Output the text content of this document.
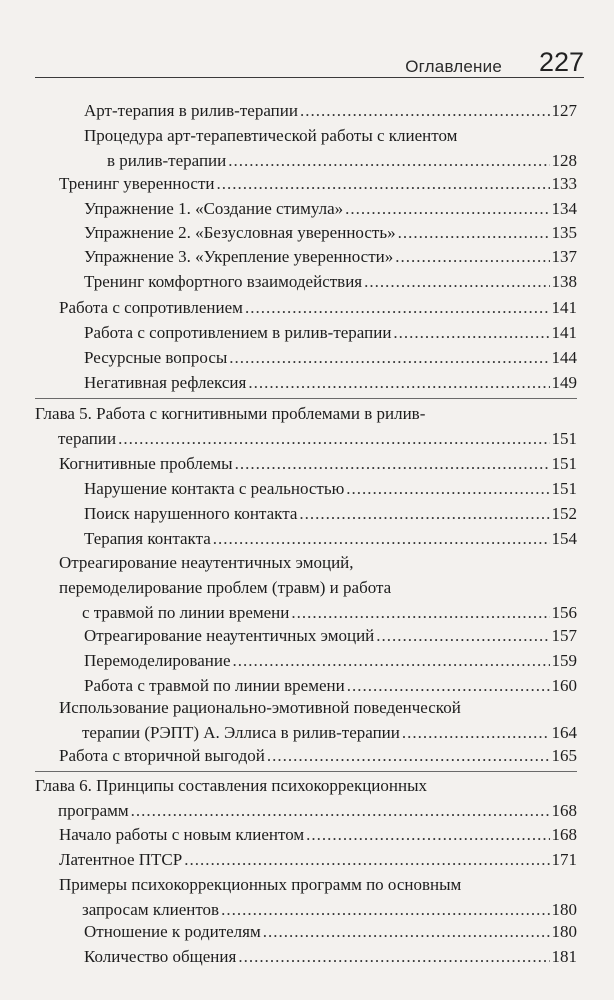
Оглавление 227
Арт-терапия в рилив-терапии .....	127
Процедура арт-терапевтической работы с клиентом
в рилив-терапии .....	128
Тренинг уверенности .....	133
Упражнение 1. «Создание стимула» .....	134
Упражнение 2. «Безусловная уверенность» .....	135
Упражнение 3. «Укрепление уверенности» .....	137
Тренинг комфортного взаимодействия .....	138
Работа с сопротивлением .....	141
Работа с сопротивлением в рилив-терапии .....	141
Ресурсные вопросы .....	144
Негативная рефлексия .....	149
Глава 5. Работа с когнитивными проблемами в рилив-
терапии .....	151
Когнитивные проблемы .....	151
Нарушение контакта с реальностью .....	151
Поиск нарушенного контакта .....	152
Терапия контакта .....	154
Отреагирование неаутентичных эмоций,
перемоделирование проблем (травм) и работа
с травмой по линии времени .....	156
Отреагирование неаутентичных эмоций .....	157
Перемоделирование .....	159
Работа с травмой по линии времени .....	160
Использование рационально-эмотивной поведенческой
терапии (РЭПТ) А. Эллиса в рилив-терапии .....	164
Работа с вторичной выгодой .....	165
Глава 6. Принципы составления психокоррекционных
программ .....	168
Начало работы с новым клиентом .....	168
Латентное ПТСР .....	171
Примеры психокоррекционных программ по основным
запросам клиентов .....	180
Отношение к родителям .....	180
Количество общения .....	181
